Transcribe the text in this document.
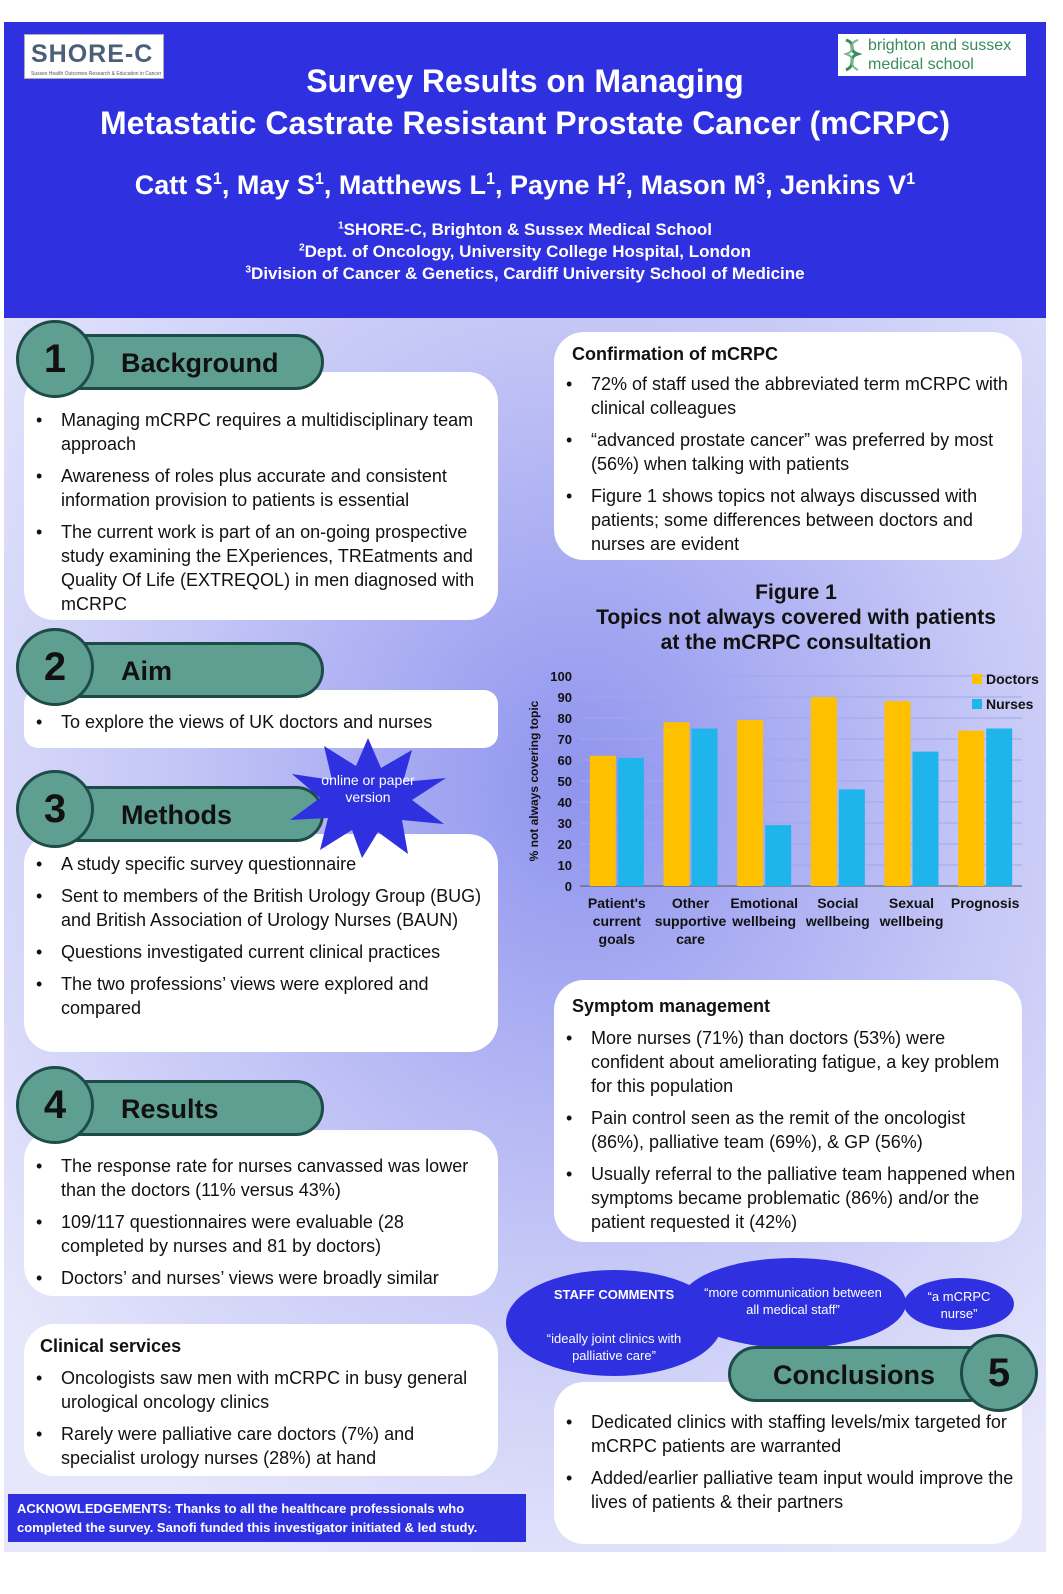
SHORE-C
Sussex Health Outcomes Research & Education in Cancer
brighton and sussex
medical school
Survey Results on Managing
Metastatic Castrate Resistant Prostate Cancer (mCRPC)
Catt $S^1$, May $S^1$, Matthews $L^1$, Payne $H^2$, Mason $M^3$, Jenkins $V^1$
$^1$SHORE-C, Brighton & Sussex Medical School
$^2$Dept. of Oncology, University College Hospital, London
$^3$Division of Cancer & Genetics, Cardiff University School of Medicine
• Managing mCRPC requires a multidisciplinary team approach
• Awareness of roles plus accurate and consistent information provision to patients is essential
• The current work is part of an on-going prospective study examining the EXperiences, TREatments and Quality Of Life (EXTREQOL) in men diagnosed with mCRPC
Background
1
• To explore the views of UK doctors and nurses
Aim
2
• A study specific survey questionnaire
• Sent to members of the British Urology Group (BUG) and British Association of Urology Nurses (BAUN)
• Questions investigated current clinical practices
• The two professions’ views were explored and compared
Methods
3
online or paper version
• The response rate for nurses canvassed was lower than the doctors (11% versus 43%)
• 109/117 questionnaires were evaluable (28 completed by nurses and 81 by doctors)
• Doctors’ and nurses’ views were broadly similar
Results
4
Clinical services
• Oncologists saw men with mCRPC in busy general urological oncology clinics
• Rarely were palliative care doctors (7%) and specialist urology nurses (28%) at hand
ACKNOWLEDGEMENTS: Thanks to all the healthcare professionals who completed the survey. Sanofi funded this investigator initiated & led study.
Confirmation of mCRPC
• 72% of staff used the abbreviated term mCRPC with clinical colleagues
• “advanced prostate cancer” was preferred by most (56%) when talking with patients
• Figure 1 shows topics not always discussed with patients; some differences between doctors and nurses are evident
Figure 1
Topics not always covered with patients
at the mCRPC consultation
0
10
20
30
40
50
60
70
80
90
100
% not always covering topic
Patient's
current
goals
Other
supportive
care
Emotional
wellbeing
Social
wellbeing
Sexual
wellbeing
Prognosis
Doctors
Nurses
Symptom management
• More nurses (71%) than doctors (53%) were confident about ameliorating fatigue, a key problem for this population
• Pain control seen as the remit of the oncologist (86%), palliative team (69%), & GP (56%)
• Usually referral to the palliative team happened when symptoms became problematic (86%) and/or the patient requested it (42%)
STAFF COMMENTS
“ideally joint clinics with palliative care”
“more communication between all medical staff”
“a mCRPC nurse”
• Dedicated clinics with staffing levels/mix targeted for mCRPC patients are warranted
• Added/earlier palliative team input would improve the lives of patients & their partners
Conclusions	5
